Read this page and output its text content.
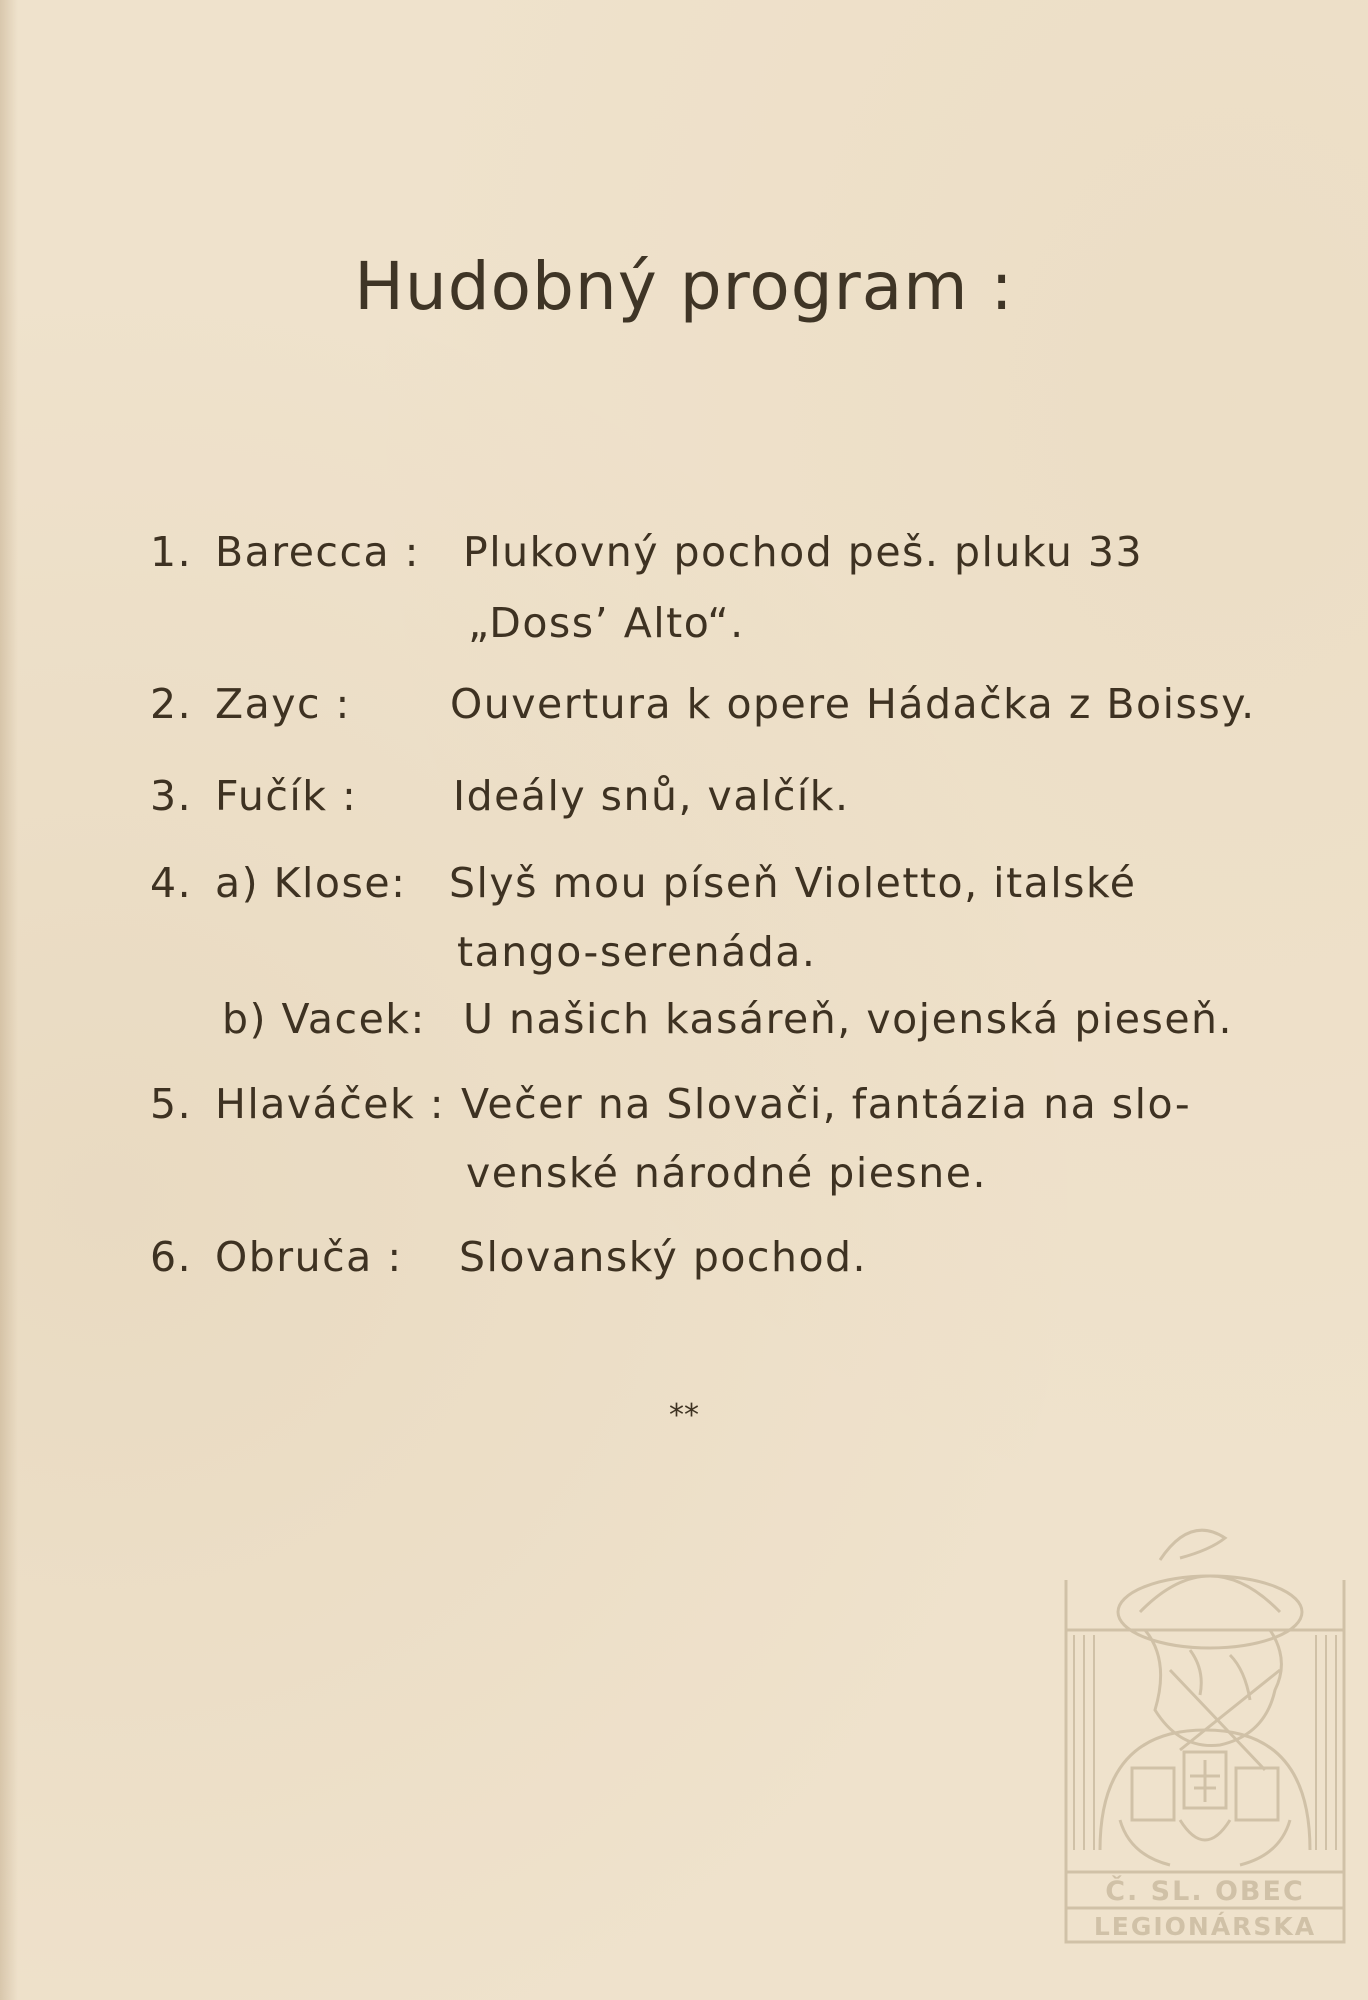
Hudobný program :
1. Barecca : Plukovný pochod peš. pluku 33
„Doss’ Alto“.
2. Zayc : Ouvertura k opere Hádačka z Boissy.
3. Fučík : Ideály snů, valčík.
4. a) Klose: Slyš mou píseň Violetto, italské
tango-serenáda.
b) Vacek: U našich kasáreň, vojenská pieseň.
5. Hlaváček : Večer na Slovači, fantázia na slo-
venské národné piesne.
6. Obruča : Slovanský pochod.
**
Č. SL. OBEC
LEGIONÁRSKA
